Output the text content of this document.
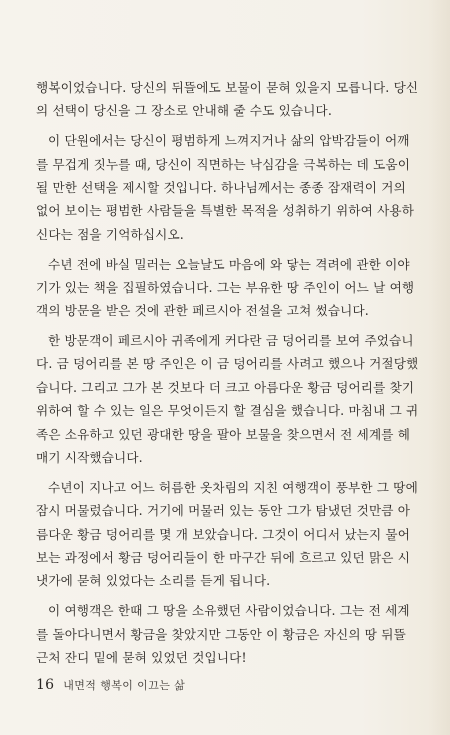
행복이었습니다. 당신의 뒤뜰에도 보물이 묻혀 있을지 모릅니다. 당신
의 선택이 당신을 그 장소로 안내해 줄 수도 있습니다.
이 단원에서는 당신이 평범하게 느껴지거나 삶의 압박감들이 어깨
를 무겁게 짓누를 때, 당신이 직면하는 낙심감을 극복하는 데 도움이
될 만한 선택을 제시할 것입니다. 하나님께서는 종종 잠재력이 거의
없어 보이는 평범한 사람들을 특별한 목적을 성취하기 위하여 사용하
신다는 점을 기억하십시오.
수년 전에 바실 밀러는 오늘날도 마음에 와 닿는 격려에 관한 이야
기가 있는 책을 집필하였습니다. 그는 부유한 땅 주인이 어느 날 여행
객의 방문을 받은 것에 관한 페르시아 전설을 고쳐 썼습니다.
한 방문객이 페르시아 귀족에게 커다란 금 덩어리를 보여 주었습니
다. 금 덩어리를 본 땅 주인은 이 금 덩어리를 사려고 했으나 거절당했
습니다. 그리고 그가 본 것보다 더 크고 아름다운 황금 덩어리를 찾기
위하여 할 수 있는 일은 무엇이든지 할 결심을 했습니다. 마침내 그 귀
족은 소유하고 있던 광대한 땅을 팔아 보물을 찾으면서 전 세계를 헤
매기 시작했습니다.
수년이 지나고 어느 허름한 옷차림의 지친 여행객이 풍부한 그 땅에
잠시 머물렀습니다. 거기에 머물러 있는 동안 그가 탐냈던 것만큼 아
름다운 황금 덩어리를 몇 개 보았습니다. 그것이 어디서 났는지 물어
보는 과정에서 황금 덩어리들이 한 마구간 뒤에 흐르고 있던 맑은 시
냇가에 묻혀 있었다는 소리를 듣게 됩니다.
이 여행객은 한때 그 땅을 소유했던 사람이었습니다. 그는 전 세계
를 돌아다니면서 황금을 찾았지만 그동안 이 황금은 자신의 땅 뒤뜰
근처 잔디 밑에 묻혀 있었던 것입니다!
16 내면적 행복이 이끄는 삶
